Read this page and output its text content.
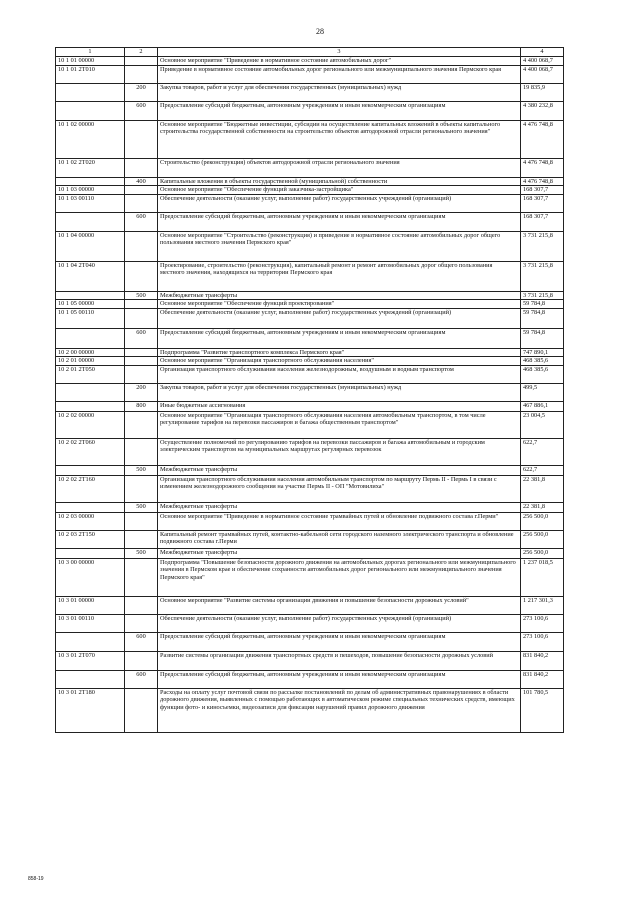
28
1	2	3	4
10 1 01 00000		Основное мероприятие "Приведение в нормативное состояние автомобильных дорог"	4 400 068,7
10 1 01 2Т010		Приведение в нормативное состояние автомобильных дорог регионального или межмуниципального значения Пермского края	4 400 068,7
	200	Закупка товаров, работ и услуг для обеспечения государственных (муниципальных) нужд	19 835,9
	600	Предоставление субсидий бюджетным, автономным учреждениям и иным некоммерческим организациям	4 380 232,8
10 1 02 00000		Основное мероприятие "Бюджетные инвестиции, субсидии на осуществление капитальных вложений в объекты капитального строительства государственной собственности на строительство объектов автодорожной отрасли регионального значения"	4 476 748,8
10 1 02 2Т020		Строительство (реконструкция) объектов автодорожной отрасли регионального значения	4 476 748,8
	400	Капитальные вложения в объекты государственной (муниципальной) собственности	4 476 748,8
10 1 03 00000		Основное мероприятие "Обеспечение функций заказчика-застройщика"	168 307,7
10 1 03 00110		Обеспечение деятельности (оказание услуг, выполнение работ) государственных учреждений (организаций)	168 307,7
	600	Предоставление субсидий бюджетным, автономным учреждениям и иным некоммерческим организациям	168 307,7
10 1 04 00000		Основное мероприятие "Строительство (реконструкция) и приведение в нормативное состояние автомобильных дорог общего пользования местного значения Пермского края"	3 731 215,8
10 1 04 2Т040		Проектирование, строительство (реконструкция), капитальный ремонт и ремонт автомобильных дорог общего пользования местного значения, находящихся на территории Пермского края	3 731 215,8
	500	Межбюджетные трансферты	3 731 215,8
10 1 05 00000		Основное мероприятие "Обеспечение функций проектирования"	59 784,8
10 1 05 00110		Обеспечение деятельности (оказание услуг, выполнение работ) государственных учреждений (организаций)	59 784,8
	600	Предоставление субсидий бюджетным, автономным учреждениям и иным некоммерческим организациям	59 784,8
10 2 00 00000		Подпрограмма "Развитие транспортного комплекса Пермского края"	747 890,1
10 2 01 00000		Основное мероприятие "Организация транспортного обслуживания населения"	468 385,6
10 2 01 2Т050		Организация транспортного обслуживания населения железнодорожным, воздушным и водным транспортом	468 385,6
	200	Закупка товаров, работ и услуг для обеспечения государственных (муниципальных) нужд	499,5
	800	Иные бюджетные ассигнования	467 886,1
10 2 02 00000		Основное мероприятие "Организация транспортного обслуживания населения автомобильным транспортом, в том числе регулирование тарифов на перевозки пассажиров и багажа общественным транспортом"	23 004,5
10 2 02 2Т060		Осуществление полномочий по регулированию тарифов на перевозки пассажиров и багажа автомобильным и городским электрическим транспортом на муниципальных маршрутах регулярных перевозок	622,7
	500	Межбюджетные трансферты	622,7
10 2 02 2Т160		Организация транспортного обслуживания населения автомобильным транспортом по маршруту Пермь II - Пермь I в связи с изменением железнодорожного сообщения на участке Пермь II - ОП "Мотовилиха"	22 381,8
	500	Межбюджетные трансферты	22 381,8
10 2 03 00000		Основное мероприятие "Приведение в нормативное состояние трамвайных путей и обновление подвижного состава г.Перми"	256 500,0
10 2 03 2Т150		Капитальный ремонт трамвайных путей, контактно-кабельной сети городского наземного электрического транспорта и обновление подвижного состава г.Перми	256 500,0
	500	Межбюджетные трансферты	256 500,0
10 3 00 00000		Подпрограмма "Повышение безопасности дорожного движения на автомобильных дорогах регионального или межмуниципального значения в Пермском крае и обеспечение сохранности автомобильных дорог регионального или межмуниципального значения Пермского края"	1 237 018,5
10 3 01 00000		Основное мероприятие "Развитие системы организации движения и повышение безопасности дорожных условий"	1 217 301,3
10 3 01 00110		Обеспечение деятельности (оказание услуг, выполнение работ) государственных учреждений (организаций)	273 100,6
	600	Предоставление субсидий бюджетным, автономным учреждениям и иным некоммерческим организациям	273 100,6
10 3 01 2Т070		Развитие системы организации движения транспортных средств и пешеходов, повышение безопасности дорожных условий	831 840,2
	600	Предоставление субсидий бюджетным, автономным учреждениям и иным некоммерческим организациям	831 840,2
10 3 01 2Т180		Расходы на оплату услуг почтовой связи по рассылке постановлений по делам об административных правонарушениях в области дорожного движения, выявленных с помощью работающих в автоматическом режиме специальных технических средств, имеющих функции фото- и киносъемки, видеозаписи для фиксации нарушений правил дорожного движения	101 780,5
858-19
